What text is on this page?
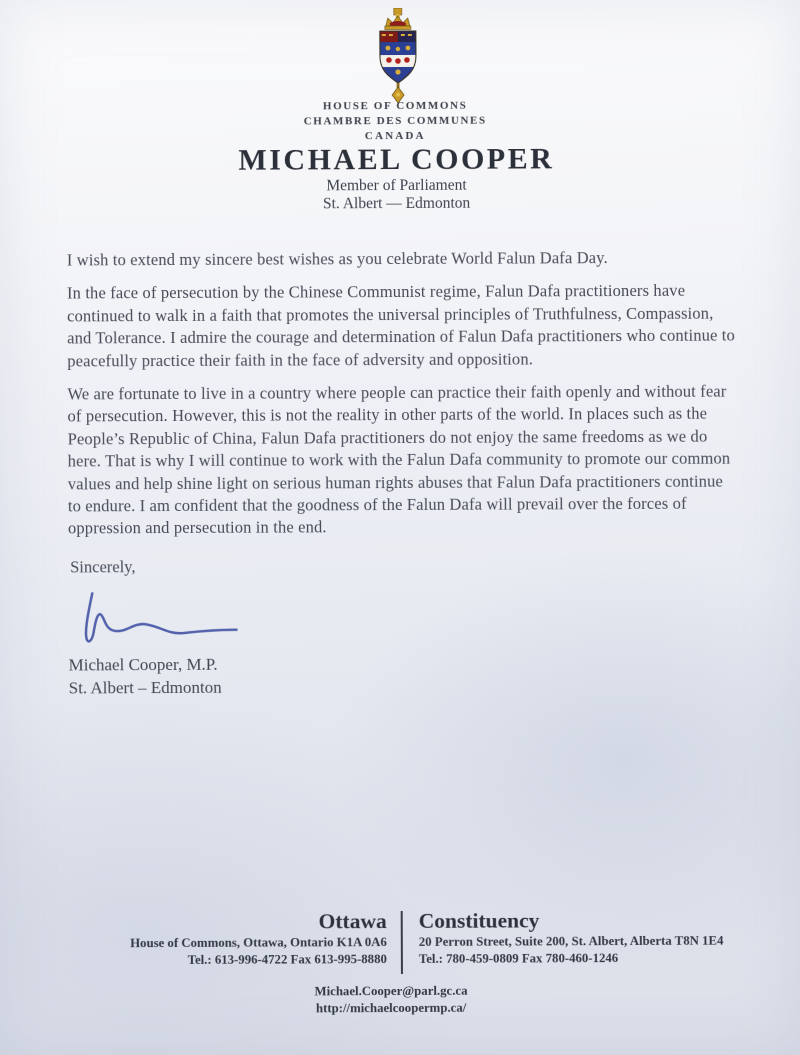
HOUSE OF COMMONS
CHAMBRE DES COMMUNES
CANADA
MICHAEL COOPER
Member of Parliament
St. Albert — Edmonton

I wish to extend my sincere best wishes as you celebrate World Falun Dafa Day.

In the face of persecution by the Chinese Communist regime, Falun Dafa practitioners have continued to walk in a faith that promotes the universal principles of Truthfulness, Compassion, and Tolerance. I admire the courage and determination of Falun Dafa practitioners who continue to peacefully practice their faith in the face of adversity and opposition.

We are fortunate to live in a country where people can practice their faith openly and without fear of persecution. However, this is not the reality in other parts of the world. In places such as the People’s Republic of China, Falun Dafa practitioners do not enjoy the same freedoms as we do here. That is why I will continue to work with the Falun Dafa community to promote our common values and help shine light on serious human rights abuses that Falun Dafa practitioners continue to endure. I am confident that the goodness of the Falun Dafa will prevail over the forces of oppression and persecution in the end.

Sincerely,
Michael Cooper, M.P.
St. Albert – Edmonton
Ottawa
House of Commons, Ottawa, Ontario K1A 0A6
Tel.: 613-996-4722 Fax 613-995-8880
Constituency
20 Perron Street, Suite 200, St. Albert, Alberta T8N 1E4
Tel.: 780-459-0809 Fax 780-460-1246
Michael.Cooper@parl.gc.ca
http://michaelcoopermp.ca/
